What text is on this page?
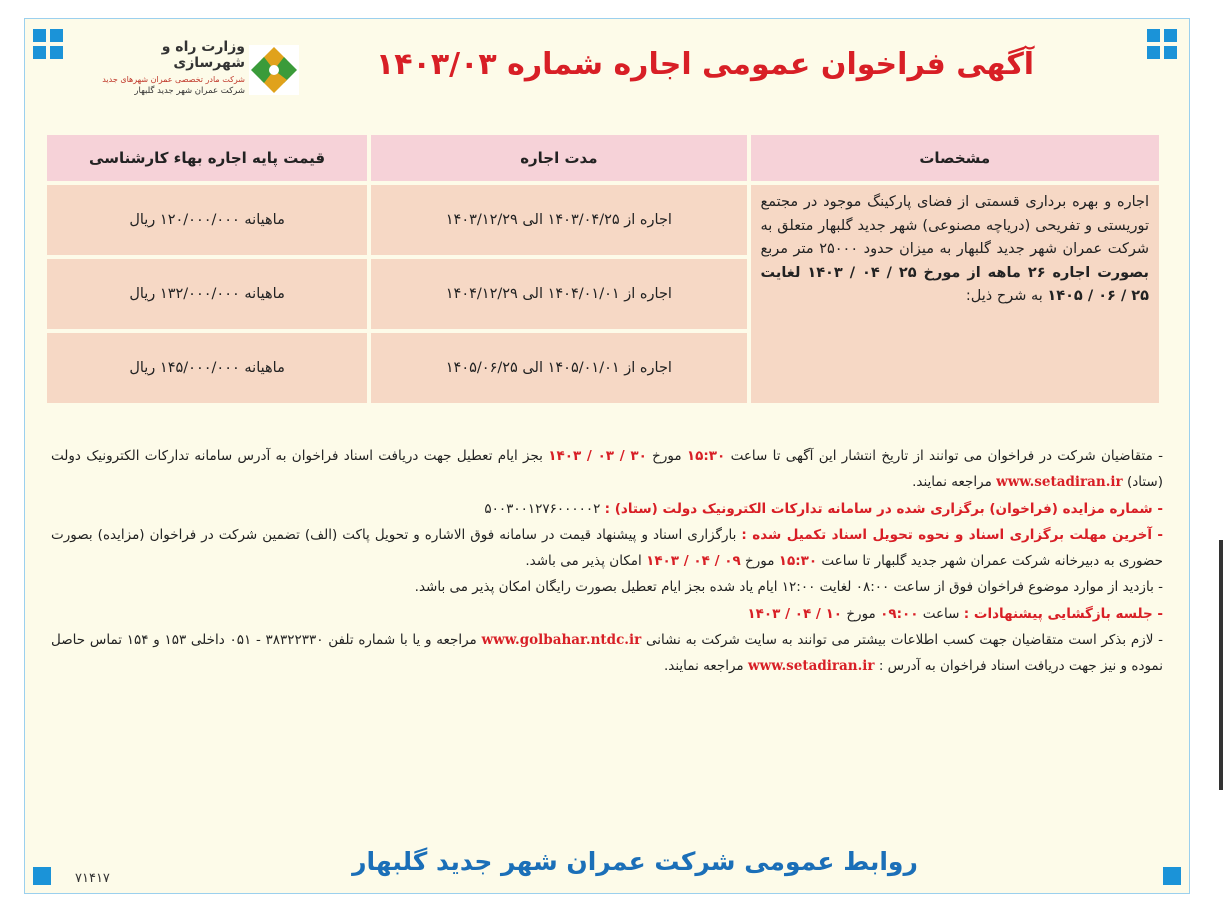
وزارت راه و شهرسازی
شرکت مادر تخصصی عمران شهرهای جدید
شرکت عمران شهر جدید گلبهار
آگهی فراخوان عمومی اجاره شماره ۱۴۰۳/۰۳
مشخصات	مدت اجاره	قیمت پایه اجاره بهاء کارشناسی
اجاره و بهره برداری قسمتی از فضای پارکینگ موجود در مجتمع توریستی و تفریحی (دریاچه مصنوعی) شهر جدید گلبهار متعلق به شرکت عمران شهر جدید گلبهار به میزان حدود ۲۵۰۰۰ متر مربع بصورت اجاره ۲۶ ماهه از مورخ ۲۵ / ۰۴ / ۱۴۰۳ لغایت ۲۵ / ۰۶ / ۱۴۰۵ به شرح ذیل:	اجاره از ۱۴۰۳/۰۴/۲۵ الی ۱۴۰۳/۱۲/۲۹	ماهیانه ۱۲۰/۰۰۰/۰۰۰ ریال
	اجاره از ۱۴۰۴/۰۱/۰۱ الی ۱۴۰۴/۱۲/۲۹	ماهیانه ۱۳۲/۰۰۰/۰۰۰ ریال
	اجاره از ۱۴۰۵/۰۱/۰۱ الی ۱۴۰۵/۰۶/۲۵	ماهیانه ۱۴۵/۰۰۰/۰۰۰ ریال

- متقاضیان شرکت در فراخوان می توانند از تاریخ انتشار این آگهی تا ساعت ۱۵:۳۰ مورخ ۳۰ / ۰۳ / ۱۴۰۳ بجز ایام تعطیل جهت دریافت اسناد فراخوان به آدرس سامانه تدارکات الکترونیک دولت (ستاد) www.setadiran.ir مراجعه نمایند.

- شماره مزایده (فراخوان) برگزاری شده در سامانه تدارکات الکترونیک دولت (ستاد) : ۵۰۰۳۰۰۱۲۷۶۰۰۰۰۰۲

- آخرین مهلت برگزاری اسناد و نحوه تحویل اسناد تکمیل شده : بارگزاری اسناد و پیشنهاد قیمت در سامانه فوق الاشاره و تحویل پاکت (الف) تضمین شرکت در فراخوان (مزایده) بصورت حضوری به دبیرخانه شرکت عمران شهر جدید گلبهار تا ساعت ۱۵:۳۰ مورخ ۰۹ / ۰۴ / ۱۴۰۳ امکان پذیر می باشد.

- بازدید از موارد موضوع فراخوان فوق از ساعت ۰۸:۰۰ لغایت ۱۲:۰۰ ایام یاد شده بجز ایام تعطیل بصورت رایگان امکان پذیر می باشد.

- جلسه بازگشایی پیشنهادات : ساعت ۰۹:۰۰ مورخ ۱۰ / ۰۴ / ۱۴۰۳

- لازم بذکر است متقاضیان جهت کسب اطلاعات بیشتر می توانند به سایت شرکت به نشانی www.golbahar.ntdc.ir مراجعه و یا با شماره تلفن ۳۸۳۲۲۳۳۰ - ۰۵۱ داخلی ۱۵۳ و ۱۵۴ تماس حاصل نموده و نیز جهت دریافت اسناد فراخوان به آدرس : www.setadiran.ir مراجعه نمایند.

روابط عمومی شرکت عمران شهر جدید گلبهار
۷۱۴۱۷
